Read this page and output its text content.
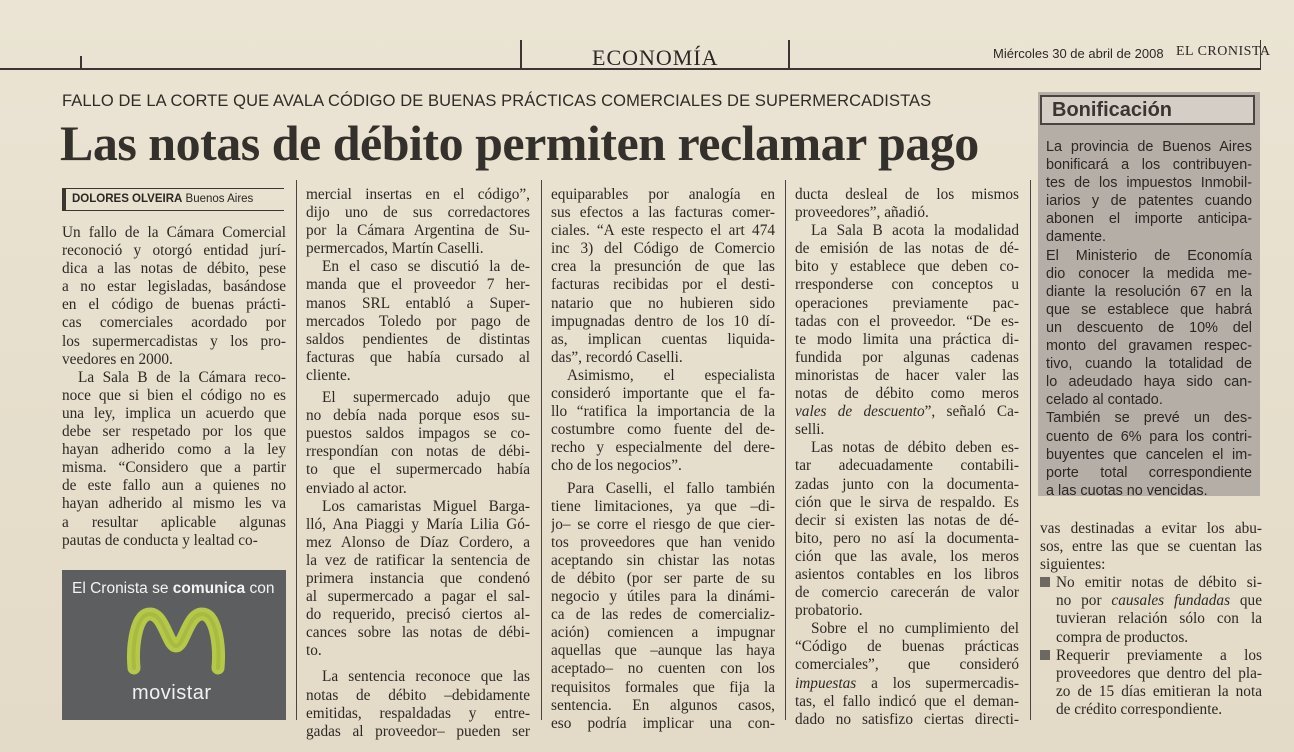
ECONOMÍA	Miércoles 30 de abril de 2008 EL CRONISTA
FALLO DE LA CORTE QUE AVALA CÓDIGO DE BUENAS PRÁCTICAS COMERCIALES DE SUPERMERCADISTAS
Las notas de débito permiten reclamar pago
DOLORES OLVEIRA Buenos Aires
Un fallo de la Cámara Comercial
reconoció y otorgó entidad jurí-
dica a las notas de débito, pese
a no estar legisladas, basándose
en el código de buenas prácti-
cas comerciales acordado por
los supermercadistas y los pro-
veedores en 2000.
La Sala B de la Cámara reco-
noce que si bien el código no es
una ley, implica un acuerdo que
debe ser respetado por los que
hayan adherido como a la ley
misma. “Considero que a partir
de este fallo aun a quienes no
hayan adherido al mismo les va
a resultar aplicable algunas
pautas de conducta y lealtad co-
mercial insertas en el código”,
dijo uno de sus corredactores
por la Cámara Argentina de Su-
permercados, Martín Caselli.
En el caso se discutió la de-
manda que el proveedor 7 her-
manos SRL entabló a Super-
mercados Toledo por pago de
saldos pendientes de distintas
facturas que había cursado al
cliente.
El supermercado adujo que
no debía nada porque esos su-
puestos saldos impagos se co-
rrespondían con notas de débi-
to que el supermercado había
enviado al actor.
Los camaristas Miguel Barga-
lló, Ana Piaggi y María Lilia Gó-
mez Alonso de Díaz Cordero, a
la vez de ratificar la sentencia de
primera instancia que condenó
al supermercado a pagar el sal-
do requerido, precisó ciertos al-
cances sobre las notas de débi-
to.
La sentencia reconoce que las
notas de débito –debidamente
emitidas, respaldadas y entre-
gadas al proveedor– pueden ser
equiparables por analogía en
sus efectos a las facturas comer-
ciales. “A este respecto el art 474
inc 3) del Código de Comercio
crea la presunción de que las
facturas recibidas por el desti-
natario que no hubieren sido
impugnadas dentro de los 10 dí-
as, implican cuentas liquida-
das”, recordó Caselli.
Asimismo, el especialista
consideró importante que el fa-
llo “ratifica la importancia de la
costumbre como fuente del de-
recho y especialmente del dere-
cho de los negocios”.
Para Caselli, el fallo también
tiene limitaciones, ya que –di-
jo– se corre el riesgo de que cier-
tos proveedores que han venido
aceptando sin chistar las notas
de débito (por ser parte de su
negocio y útiles para la dinámi-
ca de las redes de comercializ-
ación) comiencen a impugnar
aquellas que –aunque las haya
aceptado– no cuenten con los
requisitos formales que fija la
sentencia. En algunos casos,
eso podría implicar una con-
ducta desleal de los mismos
proveedores”, añadió.
La Sala B acota la modalidad
de emisión de las notas de dé-
bito y establece que deben co-
rresponderse con conceptos u
operaciones previamente pac-
tadas con el proveedor. “De es-
te modo limita una práctica di-
fundida por algunas cadenas
minoristas de hacer valer las
notas de débito como meros
vales de descuento”, señaló Ca-
selli.
Las notas de débito deben es-
tar adecuadamente contabili-
zadas junto con la documenta-
ción que le sirva de respaldo. Es
decir si existen las notas de dé-
bito, pero no así la documenta-
ción que las avale, los meros
asientos contables en los libros
de comercio carecerán de valor
probatorio.
Sobre el no cumplimiento del
“Código de buenas prácticas
comerciales”, que consideró
impuestas a los supermercadis-
tas, el fallo indicó que el deman-
dado no satisfizo ciertas directi-
vas destinadas a evitar los abu-
sos, entre las que se cuentan las
siguientes:
No emitir notas de débito si-
no por causales fundadas que
tuvieran relación sólo con la
compra de productos.
Requerir previamente a los
proveedores que dentro del pla-
zo de 15 días emitieran la nota
de crédito correspondiente.
Bonificación
La provincia de Buenos Aires
bonificará a los contribuyen-
tes de los impuestos Inmobil-
iarios y de patentes cuando
abonen el importe anticipa-
damente.
El Ministerio de Economía
dio conocer la medida me-
diante la resolución 67 en la
que se establece que habrá
un descuento de 10% del
monto del gravamen respec-
tivo, cuando la totalidad de
lo adeudado haya sido can-
celado al contado.
También se prevé un des-
cuento de 6% para los contri-
buyentes que cancelen el im-
porte total correspondiente
a las cuotas no vencidas.
El Cronista se comunica con
movistar
